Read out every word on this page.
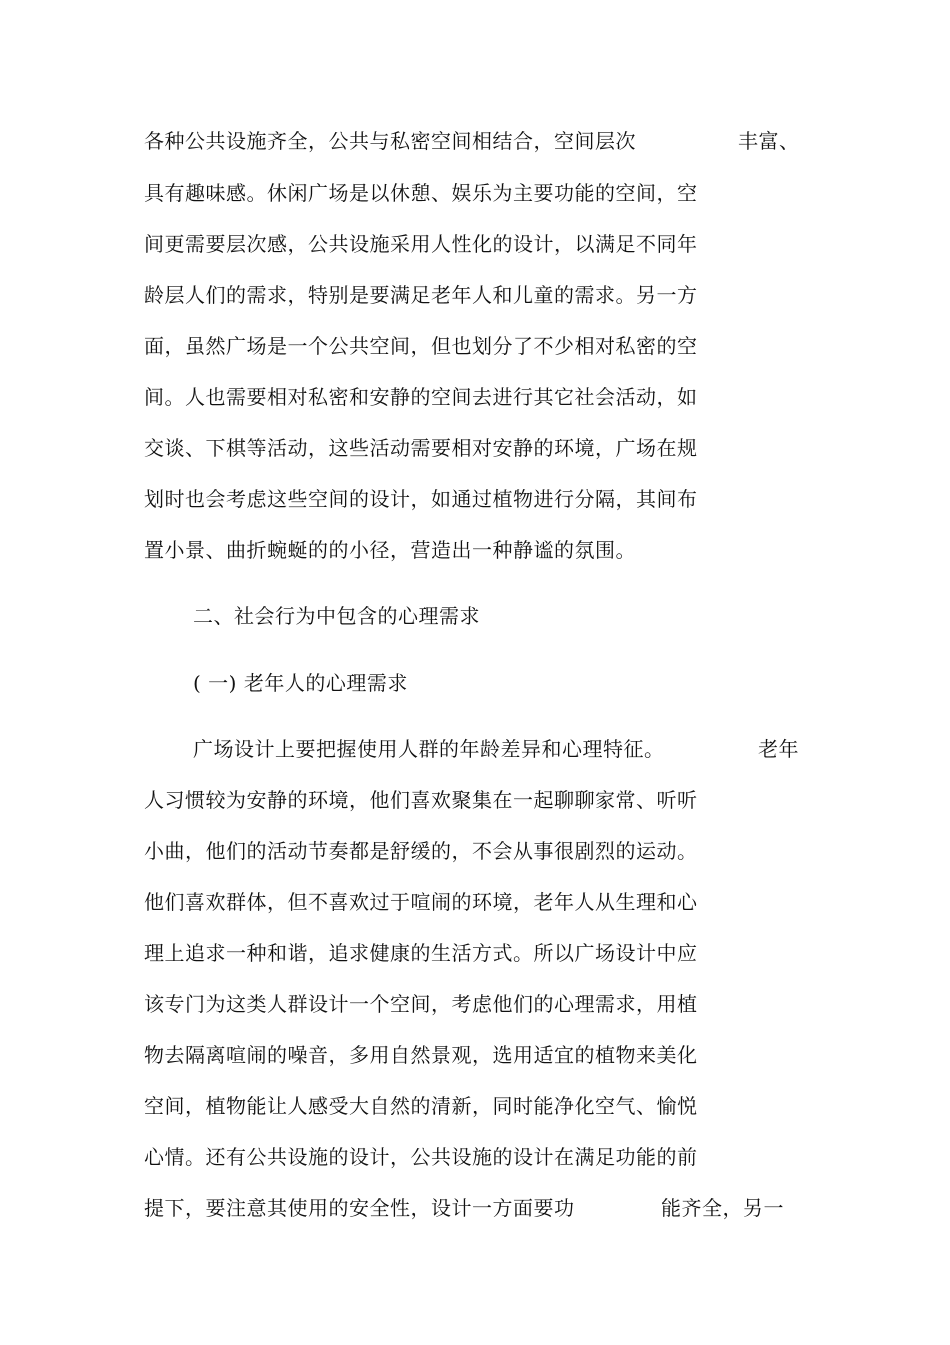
各种公共设施齐全，公共与私密空间相结合，空间层次	丰富、
具有趣味感。休闲广场是以休憩、娱乐为主要功能的空间，空
间更需要层次感，公共设施采用人性化的设计，以满足不同年
龄层人们的需求，特别是要满足老年人和儿童的需求。另一方
面，虽然广场是一个公共空间，但也划分了不少相对私密的空
间。人也需要相对私密和安静的空间去进行其它社会活动，如
交谈、下棋等活动，这些活动需要相对安静的环境，广场在规
划时也会考虑这些空间的设计，如通过植物进行分隔，其间布
置小景、曲折蜿蜒的的小径，营造出一种静谧的氛围。
二、社会行为中包含的心理需求
( 一) 老年人的心理需求
广场设计上要把握使用人群的年龄差异和心理特征。	老年
人习惯较为安静的环境，他们喜欢聚集在一起聊聊家常、听听
小曲，他们的活动节奏都是舒缓的，不会从事很剧烈的运动。
他们喜欢群体，但不喜欢过于喧闹的环境，老年人从生理和心
理上追求一种和谐，追求健康的生活方式。所以广场设计中应
该专门为这类人群设计一个空间，考虑他们的心理需求，用植
物去隔离喧闹的噪音，多用自然景观，选用适宜的植物来美化
空间，植物能让人感受大自然的清新，同时能净化空气、愉悦
心情。还有公共设施的设计，公共设施的设计在满足功能的前
提下，要注意其使用的安全性，设计一方面要功	能齐全，另一
